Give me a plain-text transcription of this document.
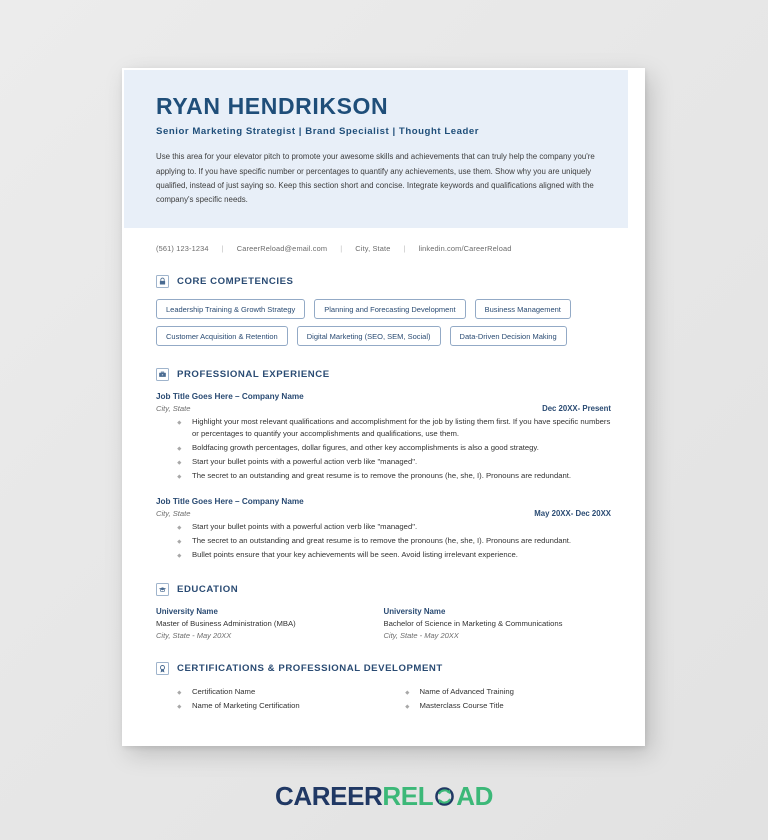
RYAN HENDRIKSON
Senior Marketing Strategist | Brand Specialist | Thought Leader

Use this area for your elevator pitch to promote your awesome skills and achievements that can truly help the company you're applying to. If you have specific number or percentages to quantify any achievements, use them. Show why you are uniquely qualified, instead of just saying so. Keep this section short and concise. Integrate keywords and qualifications aligned with the company's specific needs.

(561) 123-1234 | CareerReload@email.com | City, State | linkedin.com/CareerReload
CORE COMPETENCIES
Leadership Training & Growth Strategy	Planning and Forecasting Development	Business Management
Customer Acquisition & Retention	Digital Marketing (SEO, SEM, Social)	Data-Driven Decision Making
PROFESSIONAL EXPERIENCE
Job Title Goes Here – Company Name
City, State	Dec 20XX- Present
Highlight your most relevant qualifications and accomplishment for the job by listing them first. If you have specific numbers or percentages to quantify your accomplishments and qualifications, use them.
Boldfacing growth percentages, dollar figures, and other key accomplishments is also a good strategy.
Start your bullet points with a powerful action verb like "managed".
The secret to an outstanding and great resume is to remove the pronouns (he, she, I). Pronouns are redundant.
Job Title Goes Here – Company Name
City, State	May 20XX- Dec 20XX
Start your bullet points with a powerful action verb like "managed".
The secret to an outstanding and great resume is to remove the pronouns (he, she, I). Pronouns are redundant.
Bullet points ensure that your key achievements will be seen. Avoid listing irrelevant experience.
EDUCATION
University Name
Master of Business Administration (MBA)
City, State - May 20XX
University Name
Bachelor of Science in Marketing & Communications
City, State - May 20XX
CERTIFICATIONS & PROFESSIONAL DEVELOPMENT
Certification Name
Name of Marketing Certification
Name of Advanced Training
Masterclass Course Title
CAREER REL AD
